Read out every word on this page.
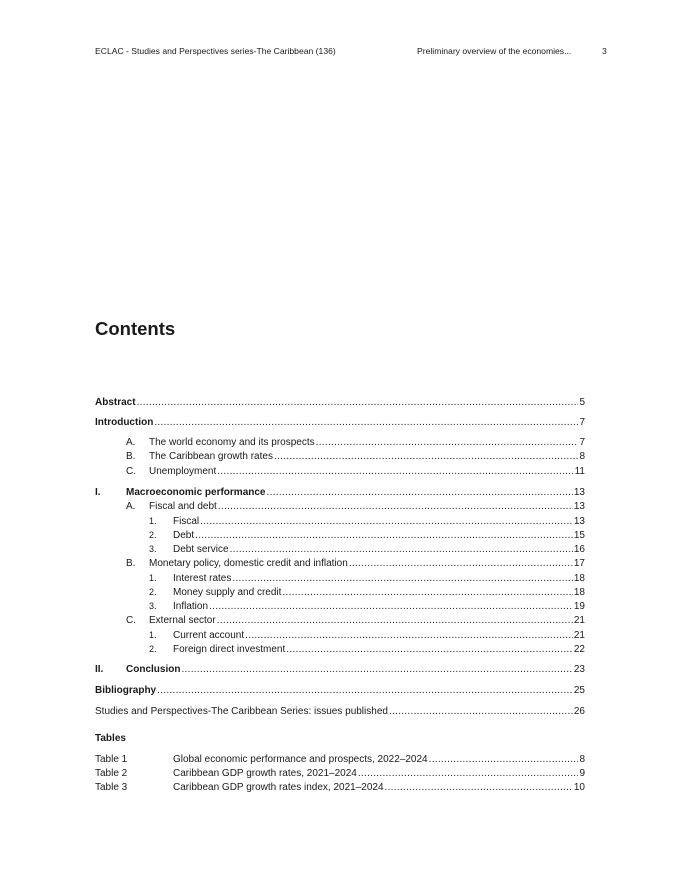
ECLAC - Studies and Perspectives series-The Caribbean (136)	Preliminary overview of the economies...	3
Contents
Abstract .....	5
Introduction .....	7
A.	The world economy and its prospects .....	7
B.	The Caribbean growth rates .....	8
C.	Unemployment .....	11
I.	Macroeconomic performance .....	13
A.	Fiscal and debt .....	13
1.	Fiscal .....	13
2.	Debt .....	15
3.	Debt service .....	16
B.	Monetary policy, domestic credit and inflation .....	17
1.	Interest rates .....	18
2.	Money supply and credit .....	18
3.	Inflation .....	19
C.	External sector .....	21
1.	Current account .....	21
2.	Foreign direct investment .....	22
II.	Conclusion .....	23
Bibliography .....	25
Studies and Perspectives-The Caribbean Series: issues published .....	26
Tables
Table 1	Global economic performance and prospects, 2022–2024 .....	8
Table 2	Caribbean GDP growth rates, 2021–2024 .....	9
Table 3	Caribbean GDP growth rates index, 2021–2024 .....	10
